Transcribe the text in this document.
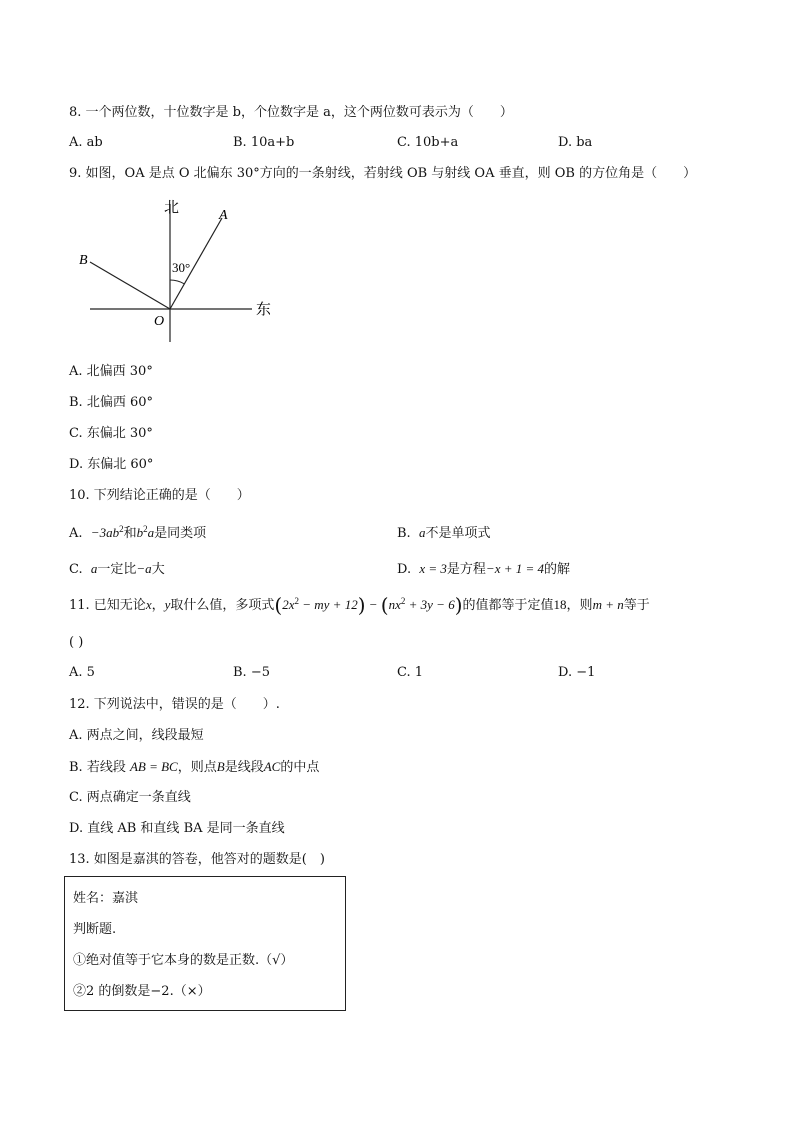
8. 一个两位数，十位数字是 b，个位数字是 a，这个两位数可表示为（　　）
A. ab	B. 10a+b	C. 10b+a	D. ba
9. 如图，OA 是点 O 北偏东 30°方向的一条射线，若射线 OB 与射线 OA 垂直，则 OB 的方位角是（　　）
北
东
A
B
O
30°
A. 北偏西 30°
B. 北偏西 60°
C. 东偏北 30°
D. 东偏北 60°
10. 下列结论正确的是（　　）
A. $-3ab^2$和$b^2a$是同类项	B. a不是单项式
C. a一定比−a大	D. x = 3是方程−x + 1 = 4的解
11. 已知无论x，y取什么值，多项式($2x^2$ − my + $12) - (nx^2 + 3y - 6)$的值都等于定值18，则m + n等于
( )
A. 5	B. −5	C. 1	D. −1
12. 下列说法中，错误的是（　　）.
A. 两点之间，线段最短
B. 若线段 AB = BC，则点B是线段AC的中点
C. 两点确定一条直线
D. 直线 AB 和直线 BA 是同一条直线
13. 如图是嘉淇的答卷，他答对的题数是(　)
姓名：嘉淇
判断题.
①绝对值等于它本身的数是正数.（√）
②2 的倒数是−2.（×）
